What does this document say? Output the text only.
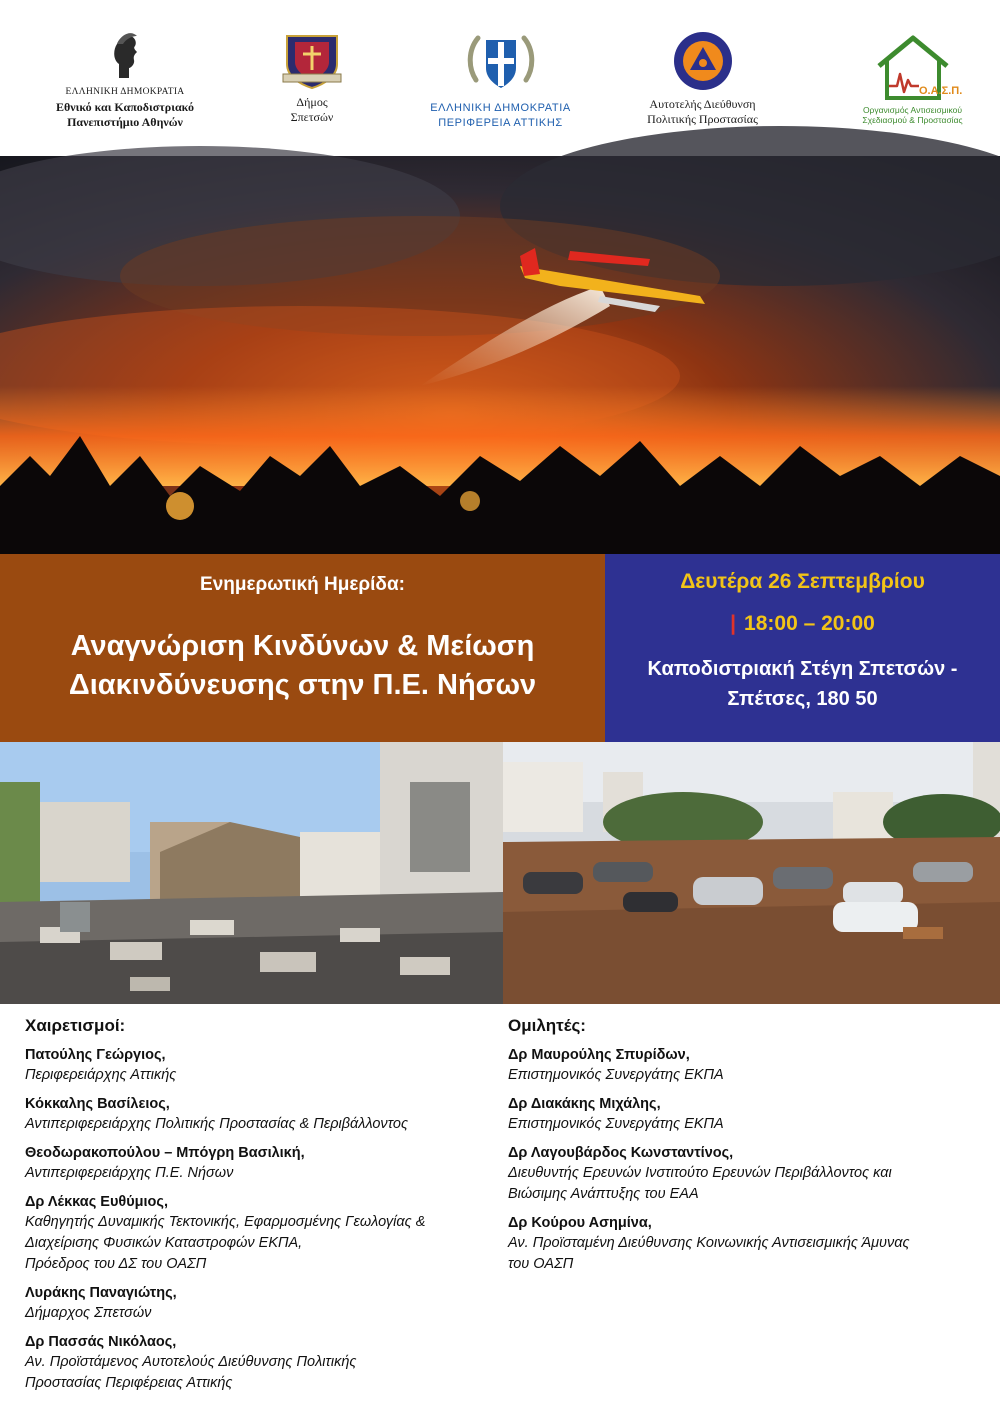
ΕΛΛΗΝΙΚΗ ΔΗΜΟΚΡΑΤΙΑ
Εθνικό και Καποδιστριακό
Πανεπιστήμιο Αθηνών
Δήμος
Σπετσών
ΕΛΛΗΝΙΚΗ ΔΗΜΟΚΡΑΤΙΑ
ΠΕΡΙΦΕΡΕΙΑ ΑΤΤΙΚΗΣ
Αυτοτελής Διεύθυνση
Πολιτικής Προστασίας
Ο.Α.Σ.Π.
Οργανισμός Αντισεισμικού
Σχεδιασμού & Προστασίας
Ενημερωτική Ημερίδα:
Αναγνώριση Κινδύνων & Μείωση
Διακινδύνευσης στην Π.Ε. Νήσων
Δευτέρα 26 Σεπτεμβρίου
| 18:00 – 20:00
Καποδιστριακή Στέγη Σπετσών -
Σπέτσες, 180 50
Χαιρετισμοί:
Πατούλης Γεώργιος,
Περιφερειάρχης Αττικής
Κόκκαλης Βασίλειος,
Αντιπεριφερειάρχης Πολιτικής Προστασίας & Περιβάλλοντος
Θεοδωρακοπούλου – Μπόγρη Βασιλική,
Αντιπεριφερειάρχης Π.Ε. Νήσων
Δρ Λέκκας Ευθύμιος,
Καθηγητής Δυναμικής Τεκτονικής, Εφαρμοσμένης Γεωλογίας &
Διαχείρισης Φυσικών Καταστροφών ΕΚΠΑ,
Πρόεδρος του ΔΣ του ΟΑΣΠ
Λυράκης Παναγιώτης,
Δήμαρχος Σπετσών
Δρ Πασσάς Νικόλαος,
Αν. Προϊστάμενος Αυτοτελούς Διεύθυνσης Πολιτικής
Προστασίας Περιφέρειας Αττικής
Ομιλητές:
Δρ Μαυρούλης Σπυρίδων,
Επιστημονικός Συνεργάτης ΕΚΠΑ
Δρ Διακάκης Μιχάλης,
Επιστημονικός Συνεργάτης ΕΚΠΑ
Δρ Λαγουβάρδος Κωνσταντίνος,
Διευθυντής Ερευνών Ινστιτούτο Ερευνών Περιβάλλοντος και
Βιώσιμης Ανάπτυξης του ΕΑΑ
Δρ Κούρου Ασημίνα,
Αν. Προϊσταμένη Διεύθυνσης Κοινωνικής Αντισεισμικής Άμυνας
του ΟΑΣΠ
